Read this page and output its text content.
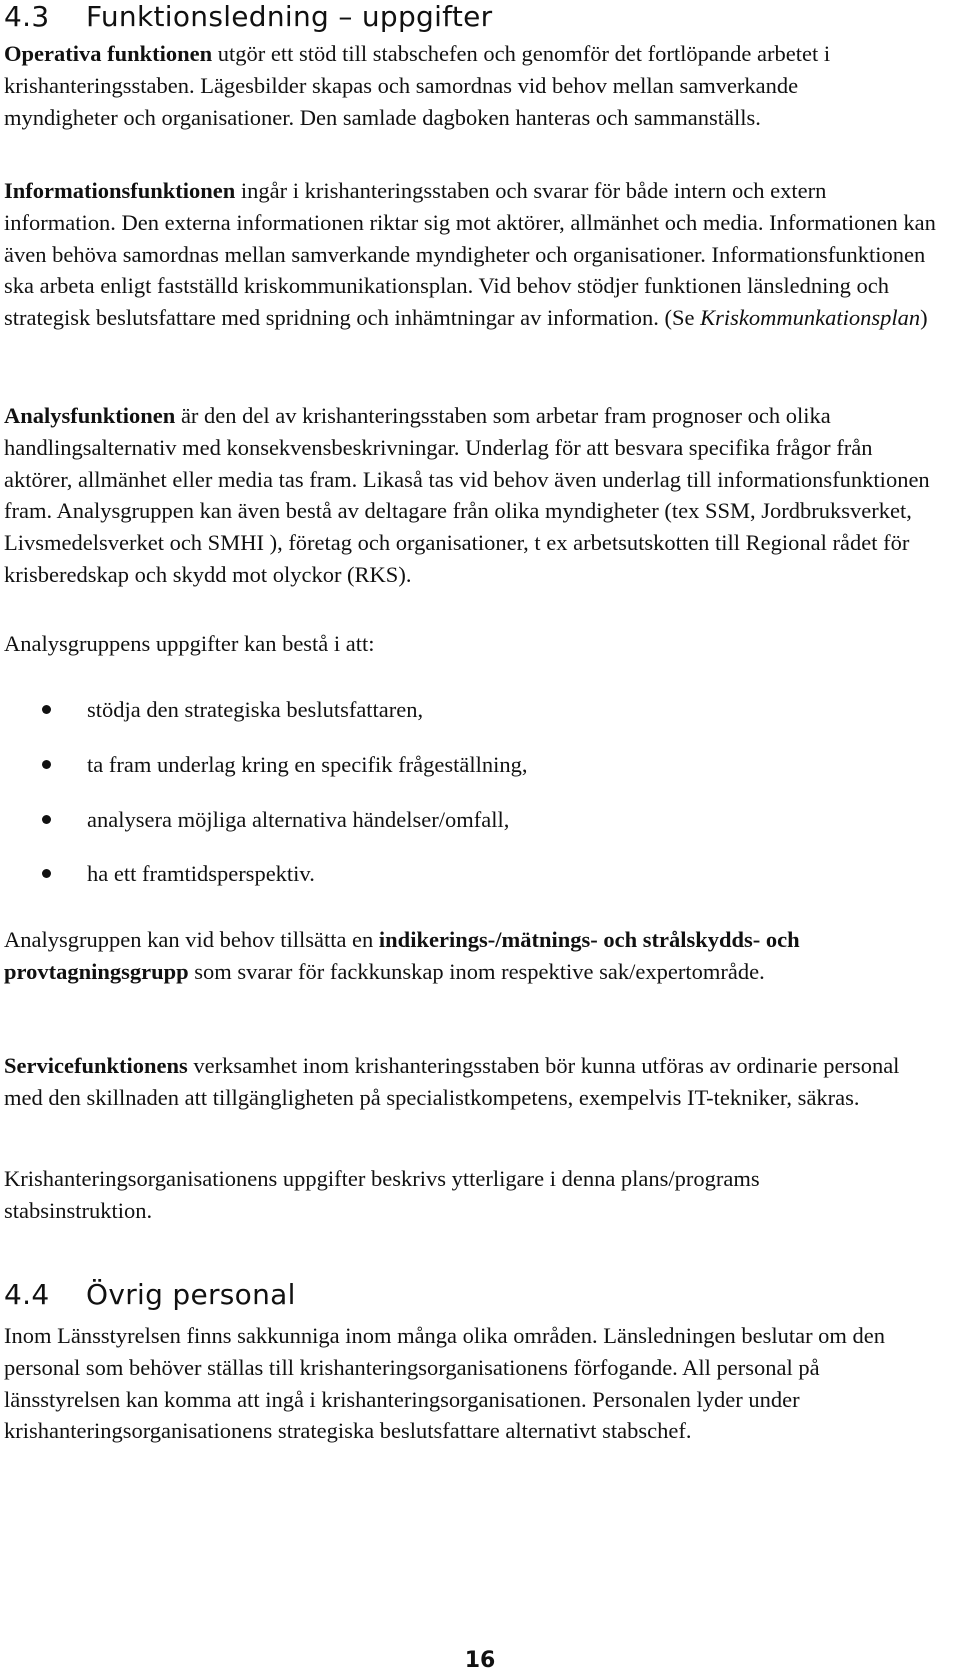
4.3 Funktionsledning – uppgifter

Operativa funktionen utgör ett stöd till stabschefen och genomför det fortlöpande arbetet i krishanteringsstaben. Lägesbilder skapas och samordnas vid behov mellan samverkande myndigheter och organisationer. Den samlade dagboken hanteras och sammanställs.

Informationsfunktionen ingår i krishanteringsstaben och svarar för både intern och extern information. Den externa informationen riktar sig mot aktörer, allmänhet och media. Informationen kan även behöva samordnas mellan samverkande myndigheter och organisationer. Informationsfunktionen ska arbeta enligt fastställd kriskommunikationsplan. Vid behov stödjer funktionen länsledning och strategisk beslutsfattare med spridning och inhämtningar av information. (Se Kriskommunkationsplan)

Analysfunktionen är den del av krishanteringsstaben som arbetar fram prognoser och olika handlingsalternativ med konsekvensbeskrivningar. Underlag för att besvara specifika frågor från aktörer, allmänhet eller media tas fram. Likaså tas vid behov även underlag till informationsfunktionen fram. Analysgruppen kan även bestå av deltagare från olika myndigheter (tex SSM, Jordbruksverket, Livsmedelsverket och SMHI ), företag och organisationer, t ex arbetsutskotten till Regional rådet för krisberedskap och skydd mot olyckor (RKS).

Analysgruppens uppgifter kan bestå i att:

stödja den strategiska beslutsfattaren,
ta fram underlag kring en specifik frågeställning,
analysera möjliga alternativa händelser/omfall,
ha ett framtidsperspektiv.

Analysgruppen kan vid behov tillsätta en indikerings-/mätnings- och strålskydds- och provtagningsgrupp som svarar för fackkunskap inom respektive sak/expertområde.

Servicefunktionens verksamhet inom krishanteringsstaben bör kunna utföras av ordinarie personal med den skillnaden att tillgängligheten på specialistkompetens, exempelvis IT-tekniker, säkras.

Krishanteringsorganisationens uppgifter beskrivs ytterligare i denna plans/programs stabsinstruktion.

4.4 Övrig personal

Inom Länsstyrelsen finns sakkunniga inom många olika områden. Länsledningen beslutar om den personal som behöver ställas till krishanteringsorganisationens förfogande. All personal på länsstyrelsen kan komma att ingå i krishanteringsorganisationen. Personalen lyder under krishanteringsorganisationens strategiska beslutsfattare alternativt stabschef.

16
